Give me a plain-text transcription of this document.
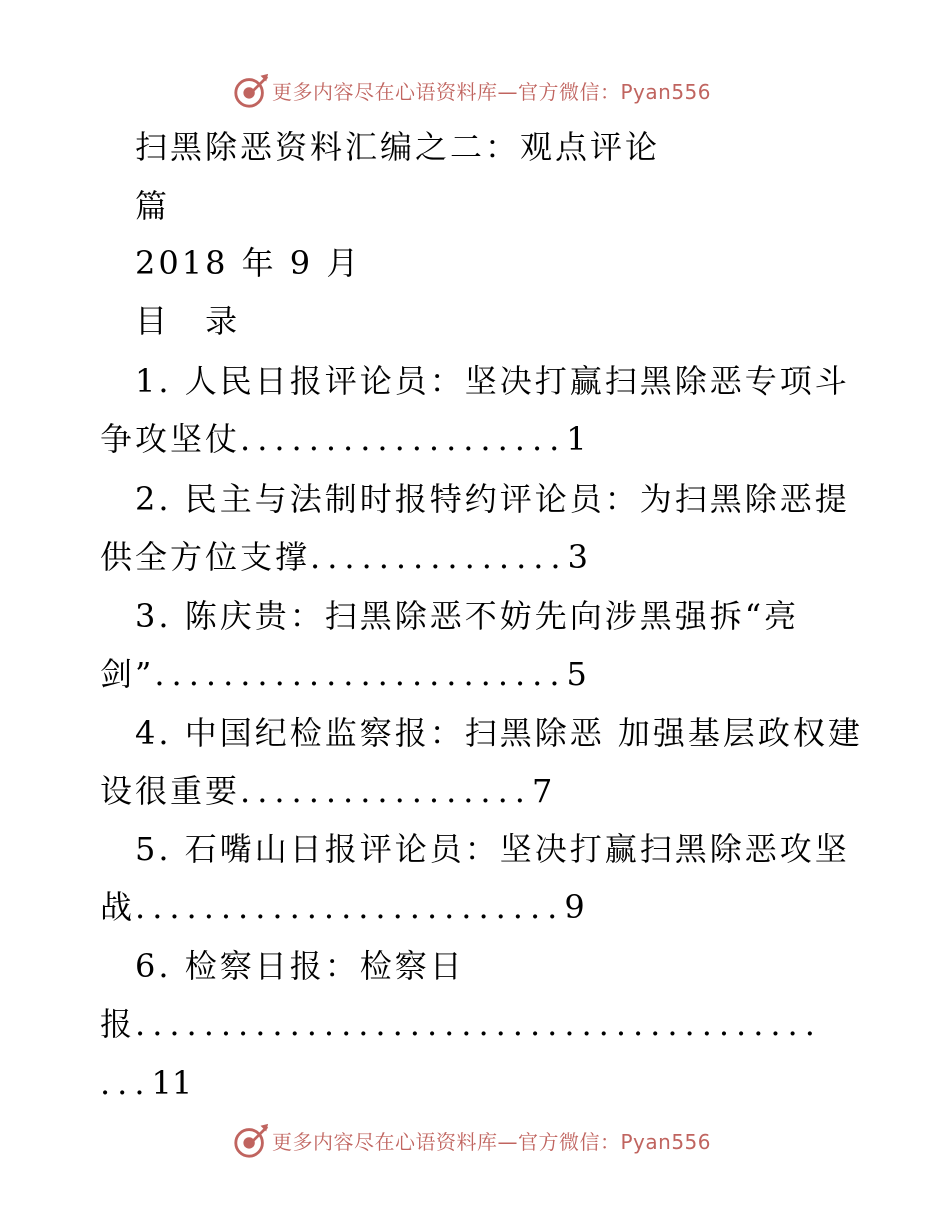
更多内容尽在心语资料库—官方微信：Pyan556
扫黑除恶资料汇编之二：观点评论
篇
2018 年 9 月
目 录
1. 人民日报评论员：坚决打赢扫黑除恶专项斗
争攻坚仗...................1
2. 民主与法制时报特约评论员：为扫黑除恶提
供全方位支撑...............3
3. 陈庆贵：扫黑除恶不妨先向涉黑强拆“亮
剑”........................5
4. 中国纪检监察报：扫黑除恶 加强基层政权建
设很重要.................7
5. 石嘴山日报评论员：坚决打赢扫黑除恶攻坚
战.........................9
6. 检察日报：检察日
报........................................
...11
更多内容尽在心语资料库—官方微信：Pyan556
